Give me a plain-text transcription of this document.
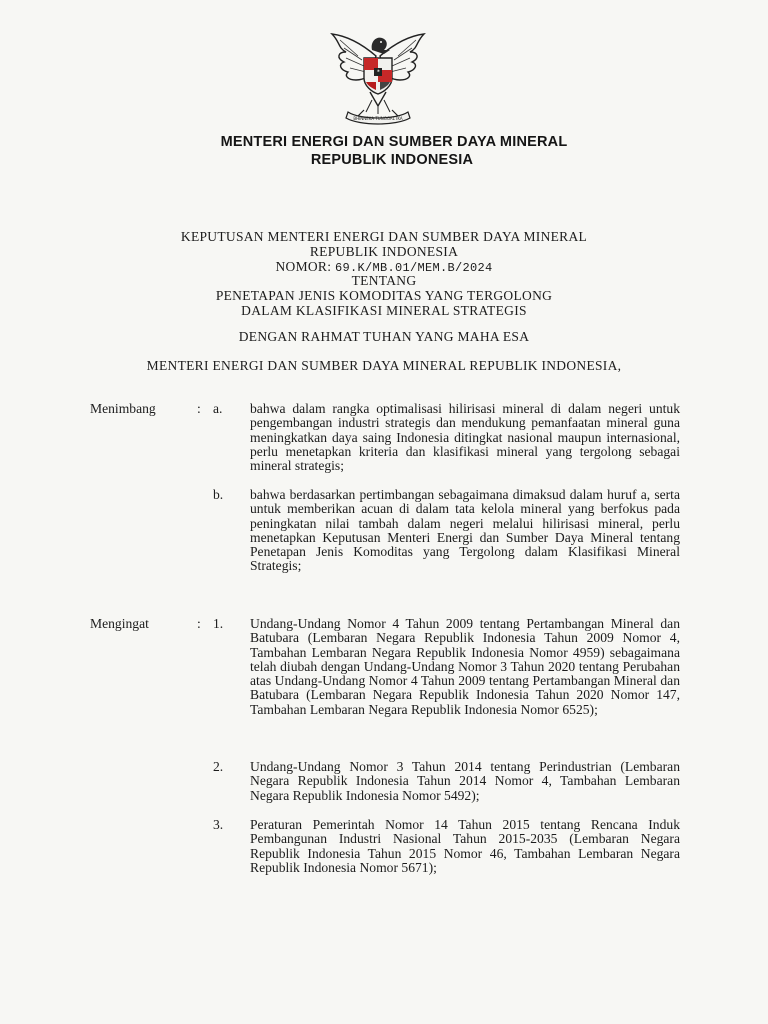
BHINNEKA TUNGGAL IKA
MENTERI ENERGI DAN SUMBER DAYA MINERAL
REPUBLIK INDONESIA
KEPUTUSAN MENTERI ENERGI DAN SUMBER DAYA MINERAL
REPUBLIK INDONESIA
NOMOR: 69.K/MB.01/MEM.B/2024
TENTANG
PENETAPAN JENIS KOMODITAS YANG TERGOLONG
DALAM KLASIFIKASI MINERAL STRATEGIS
DENGAN RAHMAT TUHAN YANG MAHA ESA
MENTERI ENERGI DAN SUMBER DAYA MINERAL REPUBLIK INDONESIA,
Menimbang	: a. bahwa dalam rangka optimalisasi hilirisasi mineral di dalam negeri untuk pengembangan industri strategis dan mendukung pemanfaatan mineral guna meningkatkan daya saing Indonesia ditingkat nasional maupun internasional, perlu menetapkan kriteria dan klasifikasi mineral yang tergolong sebagai mineral strategis;
b. bahwa berdasarkan pertimbangan sebagaimana dimaksud dalam huruf a, serta untuk memberikan acuan di dalam tata kelola mineral yang berfokus pada peningkatan nilai tambah dalam negeri melalui hilirisasi mineral, perlu menetapkan Keputusan Menteri Energi dan Sumber Daya Mineral tentang Penetapan Jenis Komoditas yang Tergolong dalam Klasifikasi Mineral Strategis;
Mengingat	: 1. Undang-Undang Nomor 4 Tahun 2009 tentang Pertambangan Mineral dan Batubara (Lembaran Negara Republik Indonesia Tahun 2009 Nomor 4, Tambahan Lembaran Negara Republik Indonesia Nomor 4959) sebagaimana telah diubah dengan Undang-Undang Nomor 3 Tahun 2020 tentang Perubahan atas Undang-Undang Nomor 4 Tahun 2009 tentang Pertambangan Mineral dan Batubara (Lembaran Negara Republik Indonesia Tahun 2020 Nomor 147, Tambahan Lembaran Negara Republik Indonesia Nomor 6525);
2. Undang-Undang Nomor 3 Tahun 2014 tentang Perindustrian (Lembaran Negara Republik Indonesia Tahun 2014 Nomor 4, Tambahan Lembaran Negara Republik Indonesia Nomor 5492);
3. Peraturan Pemerintah Nomor 14 Tahun 2015 tentang Rencana Induk Pembangunan Industri Nasional Tahun 2015-2035 (Lembaran Negara Republik Indonesia Tahun 2015 Nomor 46, Tambahan Lembaran Negara Republik Indonesia Nomor 5671);
